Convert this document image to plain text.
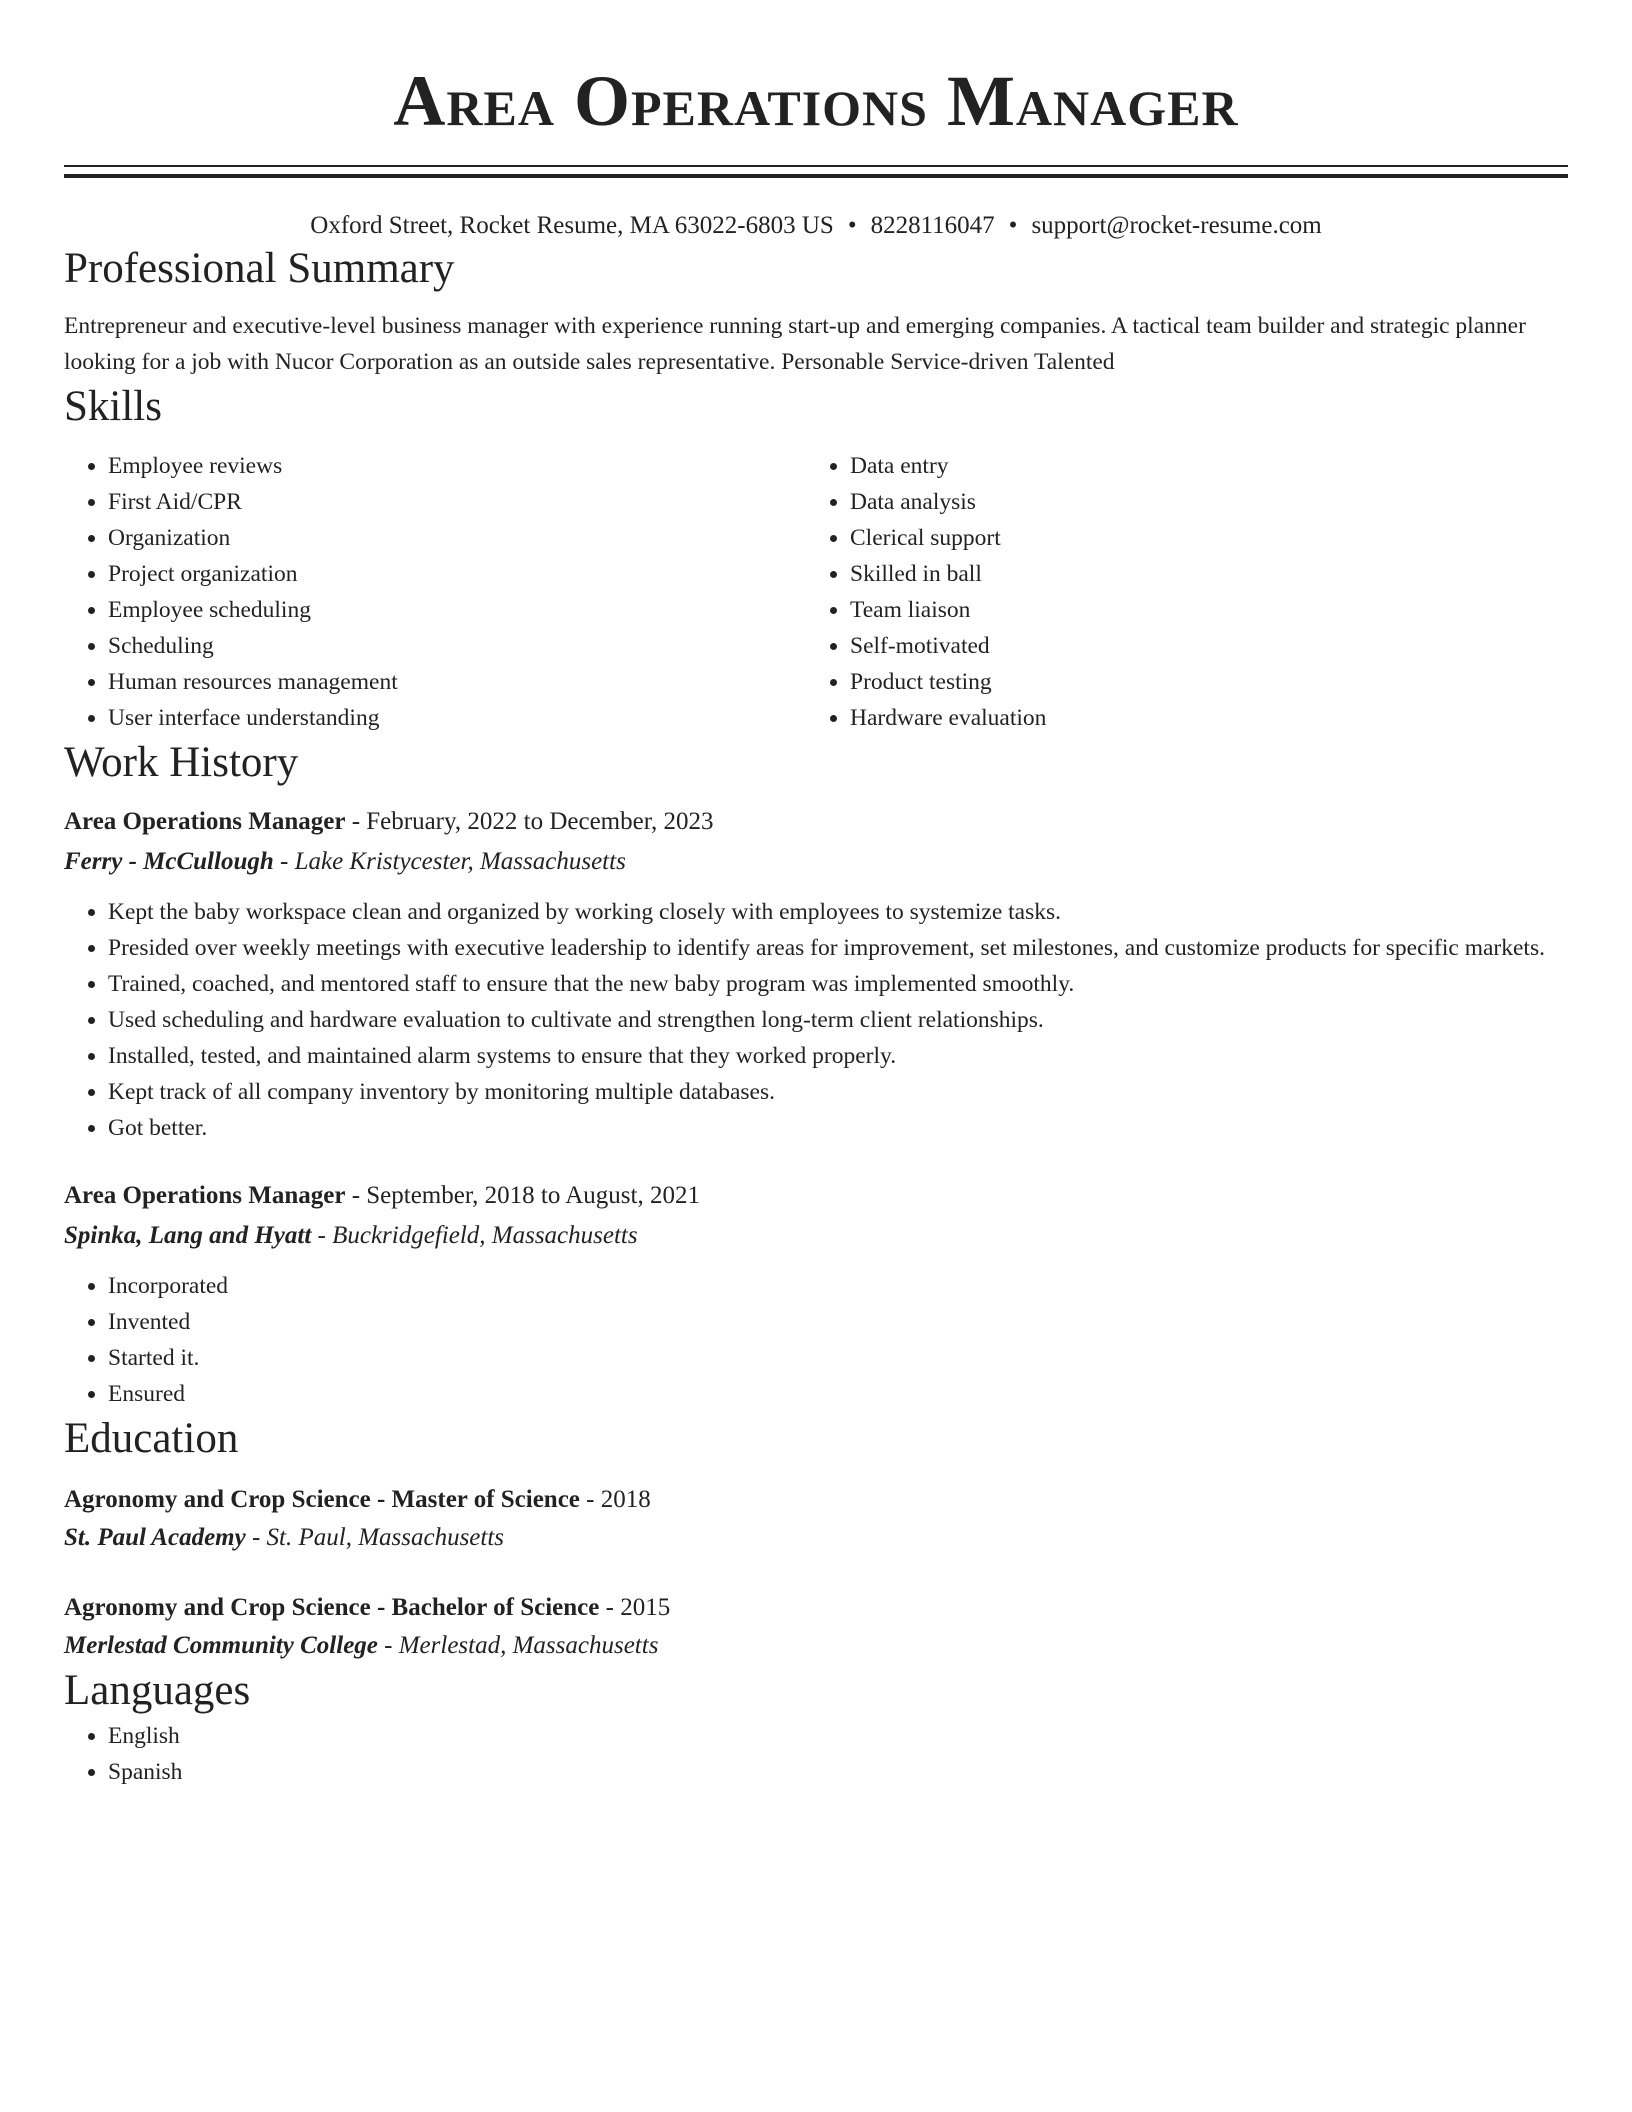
Area Operations Manager
Oxford Street, Rocket Resume, MA 63022-6803 US • 8228116047 • support@rocket-resume.com
Professional Summary
Entrepreneur and executive-level business manager with experience running start-up and emerging companies. A tactical team builder and strategic planner looking for a job with Nucor Corporation as an outside sales representative. Personable Service-driven Talented
Skills
• Employee reviews
• First Aid/CPR
• Organization
• Project organization
• Employee scheduling
• Scheduling
• Human resources management
• User interface understanding
• Data entry
• Data analysis
• Clerical support
• Skilled in ball
• Team liaison
• Self-motivated
• Product testing
• Hardware evaluation
Work History
Area Operations Manager - February, 2022 to December, 2023
Ferry - McCullough - Lake Kristycester, Massachusetts
• Kept the baby workspace clean and organized by working closely with employees to systemize tasks.
• Presided over weekly meetings with executive leadership to identify areas for improvement, set milestones, and customize products for specific markets.
• Trained, coached, and mentored staff to ensure that the new baby program was implemented smoothly.
• Used scheduling and hardware evaluation to cultivate and strengthen long-term client relationships.
• Installed, tested, and maintained alarm systems to ensure that they worked properly.
• Kept track of all company inventory by monitoring multiple databases.
• Got better.
Area Operations Manager - September, 2018 to August, 2021
Spinka, Lang and Hyatt - Buckridgefield, Massachusetts
• Incorporated
• Invented
• Started it.
• Ensured
Education
Agronomy and Crop Science - Master of Science - 2018
St. Paul Academy - St. Paul, Massachusetts
Agronomy and Crop Science - Bachelor of Science - 2015
Merlestad Community College - Merlestad, Massachusetts
Languages
• English
• Spanish
